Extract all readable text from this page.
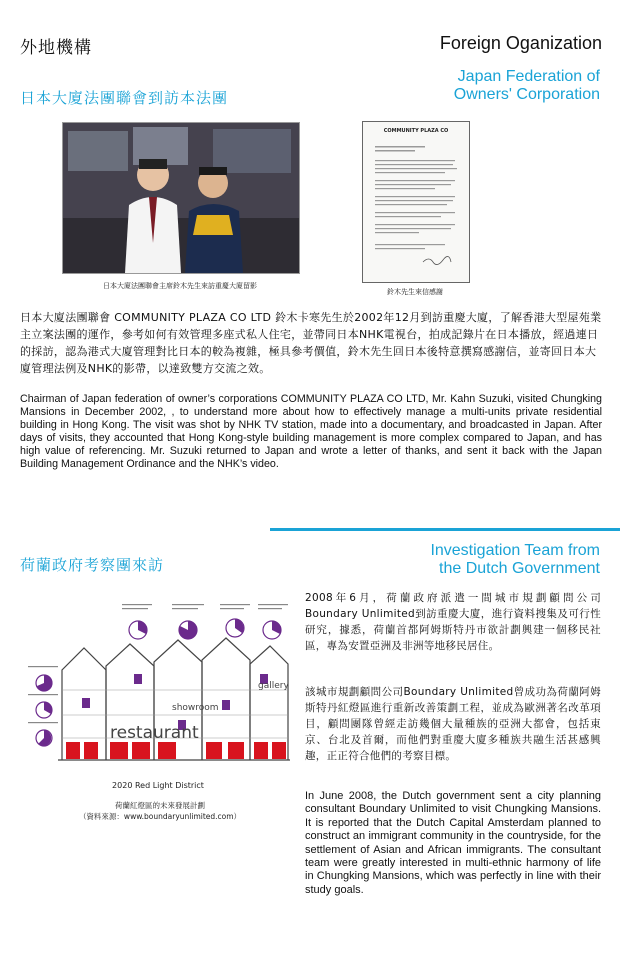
外地機構	Foreign Oganization
日本大廈法團聯會到訪本法團
Japan Federation of
Owners' Corporation
日本大廈法團聯會主席鈴木先生來訪重慶大廈留影
COMMUNITY PLAZA CO
鈴木先生來信感謝
日本大廈法團聯會 COMMUNITY PLAZA CO LTD 鈴木卡寒先生於2002年12月到訪重慶大廈，了解香港大型屋苑業主立案法團的運作，參考如何有效管理多座式私人住宅，並帶同日本NHK電視台，拍成記錄片在日本播放，經過連日的採訪，認為港式大廈管理對比日本的較為複雜，極具參考價值，鈴木先生回日本後特意撰寫感謝信，並寄回日本大廈管理法例及NHK的影帶，以達致雙方交流之效。
Chairman of Japan federation of owner’s corporations COMMUNITY PLAZA CO LTD, Mr. Kahn Suzuki, visited Chungking Mansions in December 2002, , to understand more about how to effectively manage a multi-units private residential building in Hong Kong. The visit was shot by NHK TV station, made into a documentary, and broadcasted in Japan. After days of visits, they accounted that Hong Kong-style building management is more complex compared to Japan, and has high value of referencing. Mr. Suzuki returned to Japan and wrote a letter of thanks, and sent it back with the Japan Building Management Ordinance and the NHK’s video.
荷蘭政府考察團來訪
Investigation Team from
the Dutch Government
restaurant
gallery
showroom
2020 Red Light District
荷蘭紅燈區的未來發展計劃
（資料來源：www.boundaryunlimited.com）
2008年6月，荷蘭政府派遣一間城市規劃顧問公司 Boundary Unlimited到訪重慶大廈，進行資料搜集及可行性研究，據悉，荷蘭首都阿姆斯特丹市欲計劃興建一個移民社區，專為安置亞洲及非洲等地移民居住。
該城市規劃顧問公司Boundary Unlimited曾成功為荷蘭阿姆斯特丹紅燈區進行重新改善策劃工程，並成為歐洲著名改革項目，顧問團隊曾經走訪幾個大量種族的亞洲大都會，包括東京、台北及首爾，而他們對重慶大廈多種族共融生活甚感興趣，正正符合他們的考察目標。
In June 2008, the Dutch government sent a city planning consultant Boundary Unlimited to visit Chungking Mansions. It is reported that the Dutch Capital Amsterdam planned to construct an immigrant community in the countryside, for the settlement of Asian and African immigrants. The consultant team were greatly interested in multi-ethnic harmony of life in Chungking Mansions, which was perfectly in line with their study goals.
